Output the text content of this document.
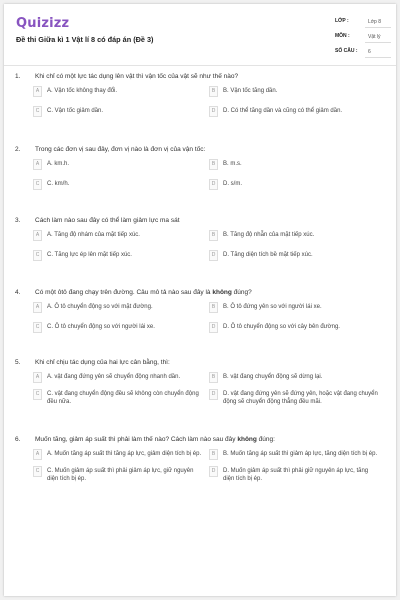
Quizizz
Đề thi Giữa kì 1 Vật lí 8 có đáp án (Đề 3)
LỚP :	Lớp 8
MÔN :	Vật lý
SỐ CÂU :	6
1. Khi chỉ có một lực tác dụng lên vật thì vận tốc của vật sẽ như thế nào?
A	A. Vận tốc không thay đổi.	B	B. Vận tốc tăng dần.
C	C. Vận tốc giảm dần.	D	D. Có thể tăng dần và cũng có thể giảm dần.
2. Trong các đơn vị sau đây, đơn vị nào là đơn vị của vận tốc:
A	A. km.h.	B	B. m.s.
C	C. km/h.	D	D. s/m.
3. Cách làm nào sau đây có thể làm giảm lực ma sát
A	A. Tăng độ nhám của mặt tiếp xúc.	B	B. Tăng độ nhẵn của mặt tiếp xúc.
C	C. Tăng lực ép lên mặt tiếp xúc.	D	D. Tăng diện tích bề mặt tiếp xúc.
4. Có một ôtô đang chạy trên đường. Câu mô tả nào sau đây là không đúng?
A	A. Ô tô chuyển động so với mặt đường.	B	B. Ô tô đứng yên so với người lái xe.
C	C. Ô tô chuyển động so với người lái xe.	D	D. Ô tô chuyển động so với cây bên đường.
5. Khi chỉ chịu tác dụng của hai lực cân bằng, thì:
A	A. vật đang đứng yên sẽ chuyển động nhanh dần.	B	B. vật đang chuyển động sẽ dừng lại.
C	C. vật đang chuyển động đều sẽ không còn chuyển động đều nữa.
D	D. vật đang đứng yên sẽ đứng yên, hoặc vật đang chuyển động sẽ chuyển động thẳng đều mãi.
6. Muốn tăng, giảm áp suất thì phải làm thế nào? Cách làm nào sau đây không đúng:
A	A. Muốn tăng áp suất thì tăng áp lực, giảm diện tích bị ép.	B	B. Muốn tăng áp suất thì giảm áp lực, tăng diện tích bị ép.
C	C. Muốn giảm áp suất thì phải giảm áp lực, giữ nguyên diện tích bị ép.
D	D. Muốn giảm áp suất thì phải giữ nguyên áp lực, tăng diện tích bị ép.
